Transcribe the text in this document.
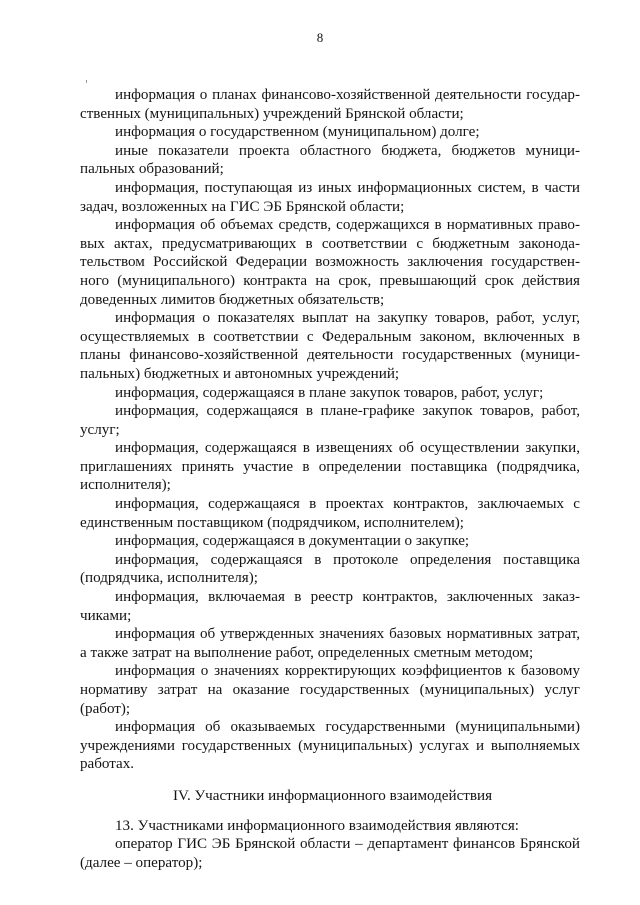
8
информация о планах финансово-хозяйственной деятельности государ-
ственных (муниципальных) учреждений Брянской области;
информация о государственном (муниципальном) долге;
иные показатели проекта областного бюджета, бюджетов муници-
пальных образований;
информация, поступающая из иных информационных систем, в части
задач, возложенных на ГИС ЭБ Брянской области;
информация об объемах средств, содержащихся в нормативных право-
вых актах, предусматривающих в соответствии с бюджетным законода-
тельством Российской Федерации возможность заключения государствен-
ного (муниципального) контракта на срок, превышающий срок действия
доведенных лимитов бюджетных обязательств;
информация о показателях выплат на закупку товаров, работ, услуг,
осуществляемых в соответствии с Федеральным законом, включенных в
планы финансово-хозяйственной деятельности государственных (муници-
пальных) бюджетных и автономных учреждений;
информация, содержащаяся в плане закупок товаров, работ, услуг;
информация, содержащаяся в плане-графике закупок товаров, работ,
услуг;
информация, содержащаяся в извещениях об осуществлении закупки,
приглашениях принять участие в определении поставщика (подрядчика,
исполнителя);
информация, содержащаяся в проектах контрактов, заключаемых с
единственным поставщиком (подрядчиком, исполнителем);
информация, содержащаяся в документации о закупке;
информация, содержащаяся в протоколе определения поставщика
(подрядчика, исполнителя);
информация, включаемая в реестр контрактов, заключенных заказ-
чиками;
информация об утвержденных значениях базовых нормативных затрат,
а также затрат на выполнение работ, определенных сметным методом;
информация о значениях корректирующих коэффициентов к базовому
нормативу затрат на оказание государственных (муниципальных) услуг
(работ);
информация об оказываемых государственными (муниципальными)
учреждениями государственных (муниципальных) услугах и выполняемых
работах.
IV. Участники информационного взаимодействия
13. Участниками информационного взаимодействия являются:
оператор ГИС ЭБ Брянской области – департамент финансов Брянской
(далее – оператор);
